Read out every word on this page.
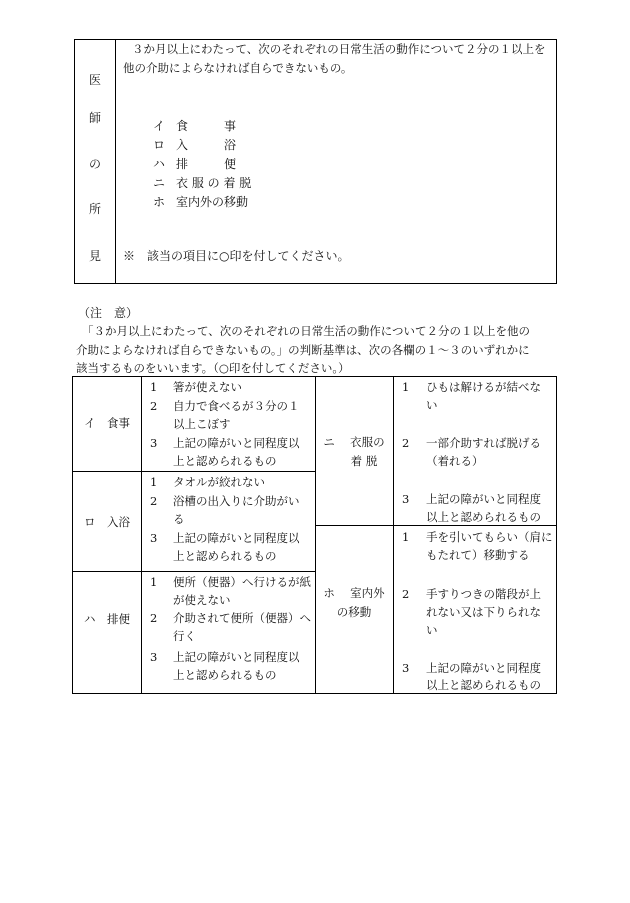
医
師
の
所
見
３か月以上にわたって、次のそれぞれの日常生活の動作について２分の１以上を
他の介助によらなければ自らできないもの。
イ 食　　　事
ロ 入　　　浴
ハ 排　　　便
ニ 衣 服 の 着 脱
ホ 室内外の移動
※　該当の項目に○印を付してください。
（注　意）
「３か月以上にわたって、次のそれぞれの日常生活の動作について２分の１以上を他の
介助によらなければ自らできないもの。」の判断基準は、次の各欄の１～３のいずれかに
該当するものをいいます。（○印を付してください。）
イ　食事
1 箸が使えない
2 自力で食べるが３分の１
以上こぼす
3 上記の障がいと同程度以
上と認められるもの
ロ　入浴
1 タオルが絞れない
2 浴槽の出入りに介助がい
る
3 上記の障がいと同程度以
上と認められるもの
ハ　排便
1 便所（便器）へ行けるが紙
が使えない
2 介助されて便所（便器）へ
行く
3 上記の障がいと同程度以
上と認められるもの
ニ　 衣服の
着 脱
1 ひもは解けるが結べな
い
2 一部介助すれば脱げる
（着れる）
3 上記の障がいと同程度
以上と認められるもの
ホ　 室内外
の移動
1 手を引いてもらい（肩に
もたれて）移動する
2 手すりつきの階段が上
れない又は下りられな
い
3 上記の障がいと同程度
以上と認められるもの
